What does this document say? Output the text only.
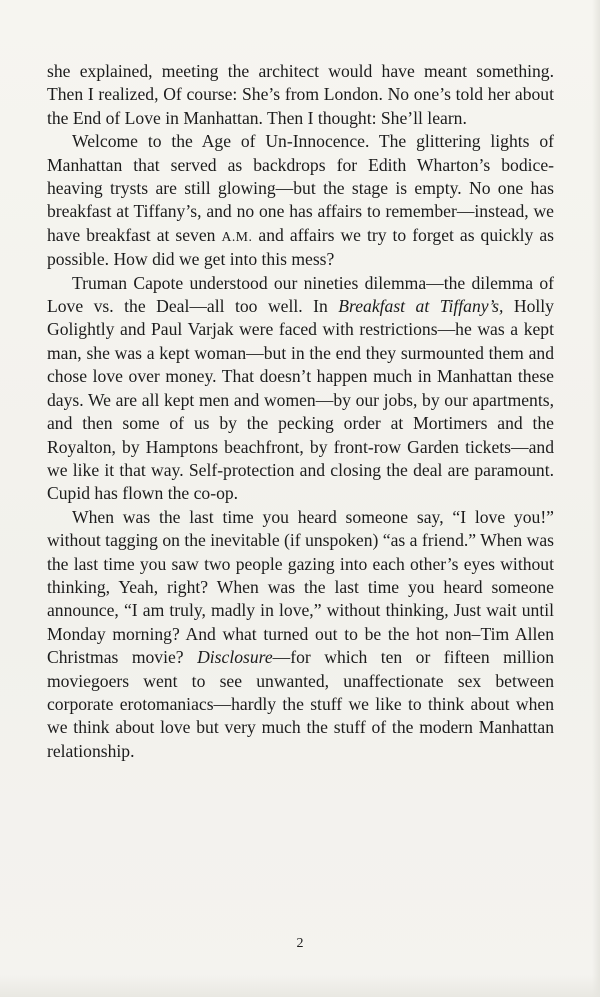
she explained, meeting the architect would have meant something. Then I realized, Of course: She’s from London. No one’s told her about the End of Love in Manhattan. Then I thought: She’ll learn.

Welcome to the Age of Un-Innocence. The glittering lights of Manhattan that served as backdrops for Edith Wharton’s bodice-heaving trysts are still glowing—but the stage is empty. No one has breakfast at Tiffany’s, and no one has affairs to remember—instead, we have breakfast at seven A.M. and affairs we try to forget as quickly as possible. How did we get into this mess?

Truman Capote understood our nineties dilemma—the dilemma of Love vs. the Deal—all too well. In Breakfast at Tiffany’s, Holly Golightly and Paul Varjak were faced with restrictions—he was a kept man, she was a kept woman—but in the end they surmounted them and chose love over money. That doesn’t happen much in Manhattan these days. We are all kept men and women—by our jobs, by our apartments, and then some of us by the pecking order at Mortimers and the Royalton, by Hamptons beachfront, by front-row Garden tickets—and we like it that way. Self-protection and closing the deal are paramount. Cupid has flown the co-op.

When was the last time you heard someone say, “I love you!” without tagging on the inevitable (if unspoken) “as a friend.” When was the last time you saw two people gazing into each other’s eyes without thinking, Yeah, right? When was the last time you heard someone announce, “I am truly, madly in love,” without thinking, Just wait until Monday morning? And what turned out to be the hot non–Tim Allen Christmas movie? Disclosure—for which ten or fifteen million moviegoers went to see unwanted, unaffectionate sex between corporate erotomaniacs—hardly the stuff we like to think about when we think about love but very much the stuff of the modern Manhattan relationship.

2
